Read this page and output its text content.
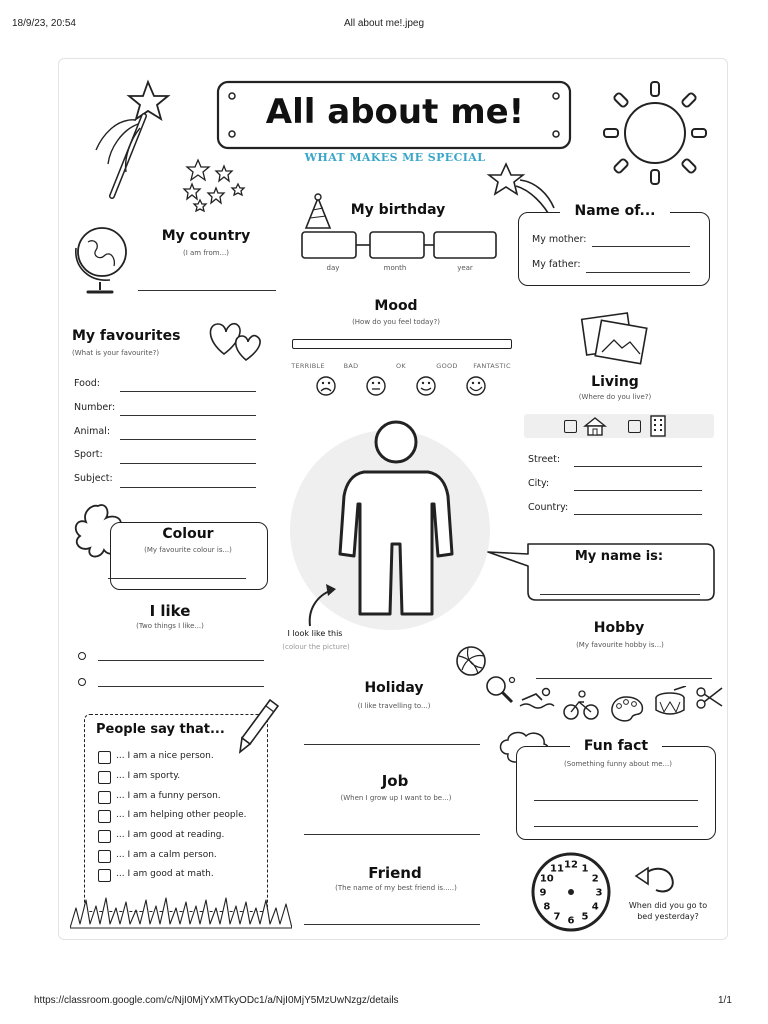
18/9/23, 20:54	All about me!.jpeg
https://classroom.google.com/c/NjI0MjYxMTkyODc1/a/NjI0MjY5MzUwNzgz/details	1/1
All about me!
WHAT MAKES ME SPECIAL
My birthday
day	month	year
Name of...
My mother:
My father:
My country
(I am from...)
Mood
(How do you feel today?)
TERRIBLE	BAD	OK	GOOD	FANTASTIC
My favourites
(What is your favourite?)
Food:
Number:
Animal:
Sport:
Subject:
Living
(Where do you live?)
Street:
City:
Country:
I look like this
(colour the picture)
Colour
(My favourite colour is...)	My name is:
I like
(Two things I like...)	Hobby
(My favourite hobby is...)
Holiday
(I like travelling to...)
People say that...
... I am a nice person.
... I am sporty.
... I am a funny person.
... I am helping other people.
... I am good at reading.
... I am a calm person.
... I am good at math.
Fun fact
(Something funny about me...)
Job
(When I grow up I want to be...)
Friend
(The name of my best friend is.....)
12 1
2
3
4
5
6
7
8
9
10
11
When did you go to
bed yesterday?
